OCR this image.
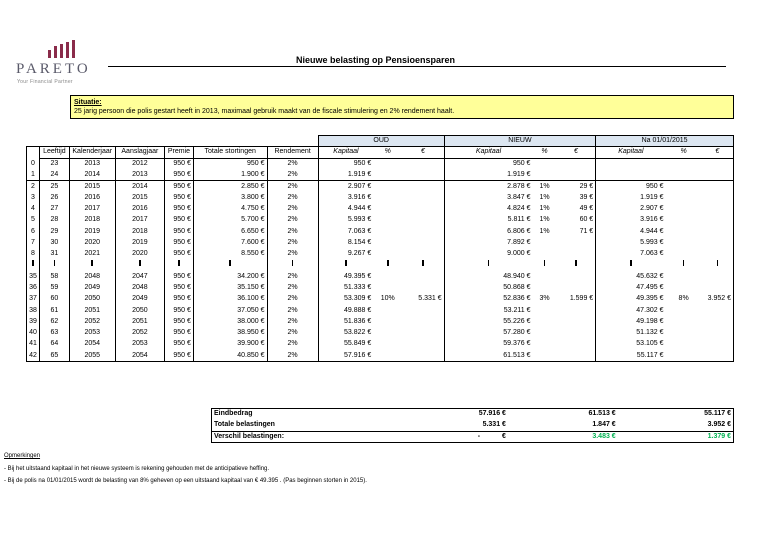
PARETO
Your Financial Partner
Nieuwe belasting op Pensioensparen
Situatie:
25 jarig persoon die polis gestart heeft in 2013, maximaal gebruik maakt van de fiscale stimulering en 2% rendement haalt.
							OUD			NIEUW			Na 01/01/2015		
	Leeftijd	Kalenderjaar	Aanslagjaar	Premie	Totale stortingen	Rendement	Kapitaal	%	€	Kapitaal	%	€	Kapitaal	%	€
0	23	2013	2012	950 €	950 €	2%	950 €			950 €					
1	24	2014	2013	950 €	1.900 €	2%	1.919 €			1.919 €					
2	25	2015	2014	950 €	2.850 €	2%	2.907 €			2.878 €	1%	29 €	950 €		
3	26	2016	2015	950 €	3.800 €	2%	3.916 €			3.847 €	1%	39 €	1.919 €		
4	27	2017	2016	950 €	4.750 €	2%	4.944 €			4.824 €	1%	49 €	2.907 €		
5	28	2018	2017	950 €	5.700 €	2%	5.993 €			5.811 €	1%	60 €	3.916 €		
6	29	2019	2018	950 €	6.650 €	2%	7.063 €			6.806 €	1%	71 €	4.944 €		
7	30	2020	2019	950 €	7.600 €	2%	8.154 €			7.892 €			5.993 €		
8	31	2021	2020	950 €	8.550 €	2%	9.267 €			9.000 €			7.063 €		

35	58	2048	2047	950 €	34.200 €	2%	49.395 €			48.940 €			45.632 €		
36	59	2049	2048	950 €	35.150 €	2%	51.333 €			50.868 €			47.495 €		
37	60	2050	2049	950 €	36.100 €	2%	53.309 €	10%	5.331 €	52.836 €	3%	1.599 €	49.395 €	8%	3.952 €
38	61	2051	2050	950 €	37.050 €	2%	49.888 €			53.211 €			47.302 €		
39	62	2052	2051	950 €	38.000 €	2%	51.836 €			55.226 €			49.198 €		
40	63	2053	2052	950 €	38.950 €	2%	53.822 €			57.280 €			51.132 €		
41	64	2054	2053	950 €	39.900 €	2%	55.849 €			59.376 €			53.105 €		
42	65	2055	2054	950 €	40.850 €	2%	57.916 €			61.513 €			55.117 €		
Eindbedrag		57.916 €		61.513 €	55.117 €
Totale belastingen		5.331 €		1.847 €	3.952 €
Verschil belastingen:		- €		3.483 €	1.379 €
Opmerkingen
- Bij het uitstaand kapitaal in het nieuwe systeem is rekening gehouden met de anticipatieve heffing.
- Bij de polis na 01/01/2015 wordt de belasting van 8% geheven op een uitstaand kapitaal van € 49.395 . (Pas beginnen storten in 2015).
